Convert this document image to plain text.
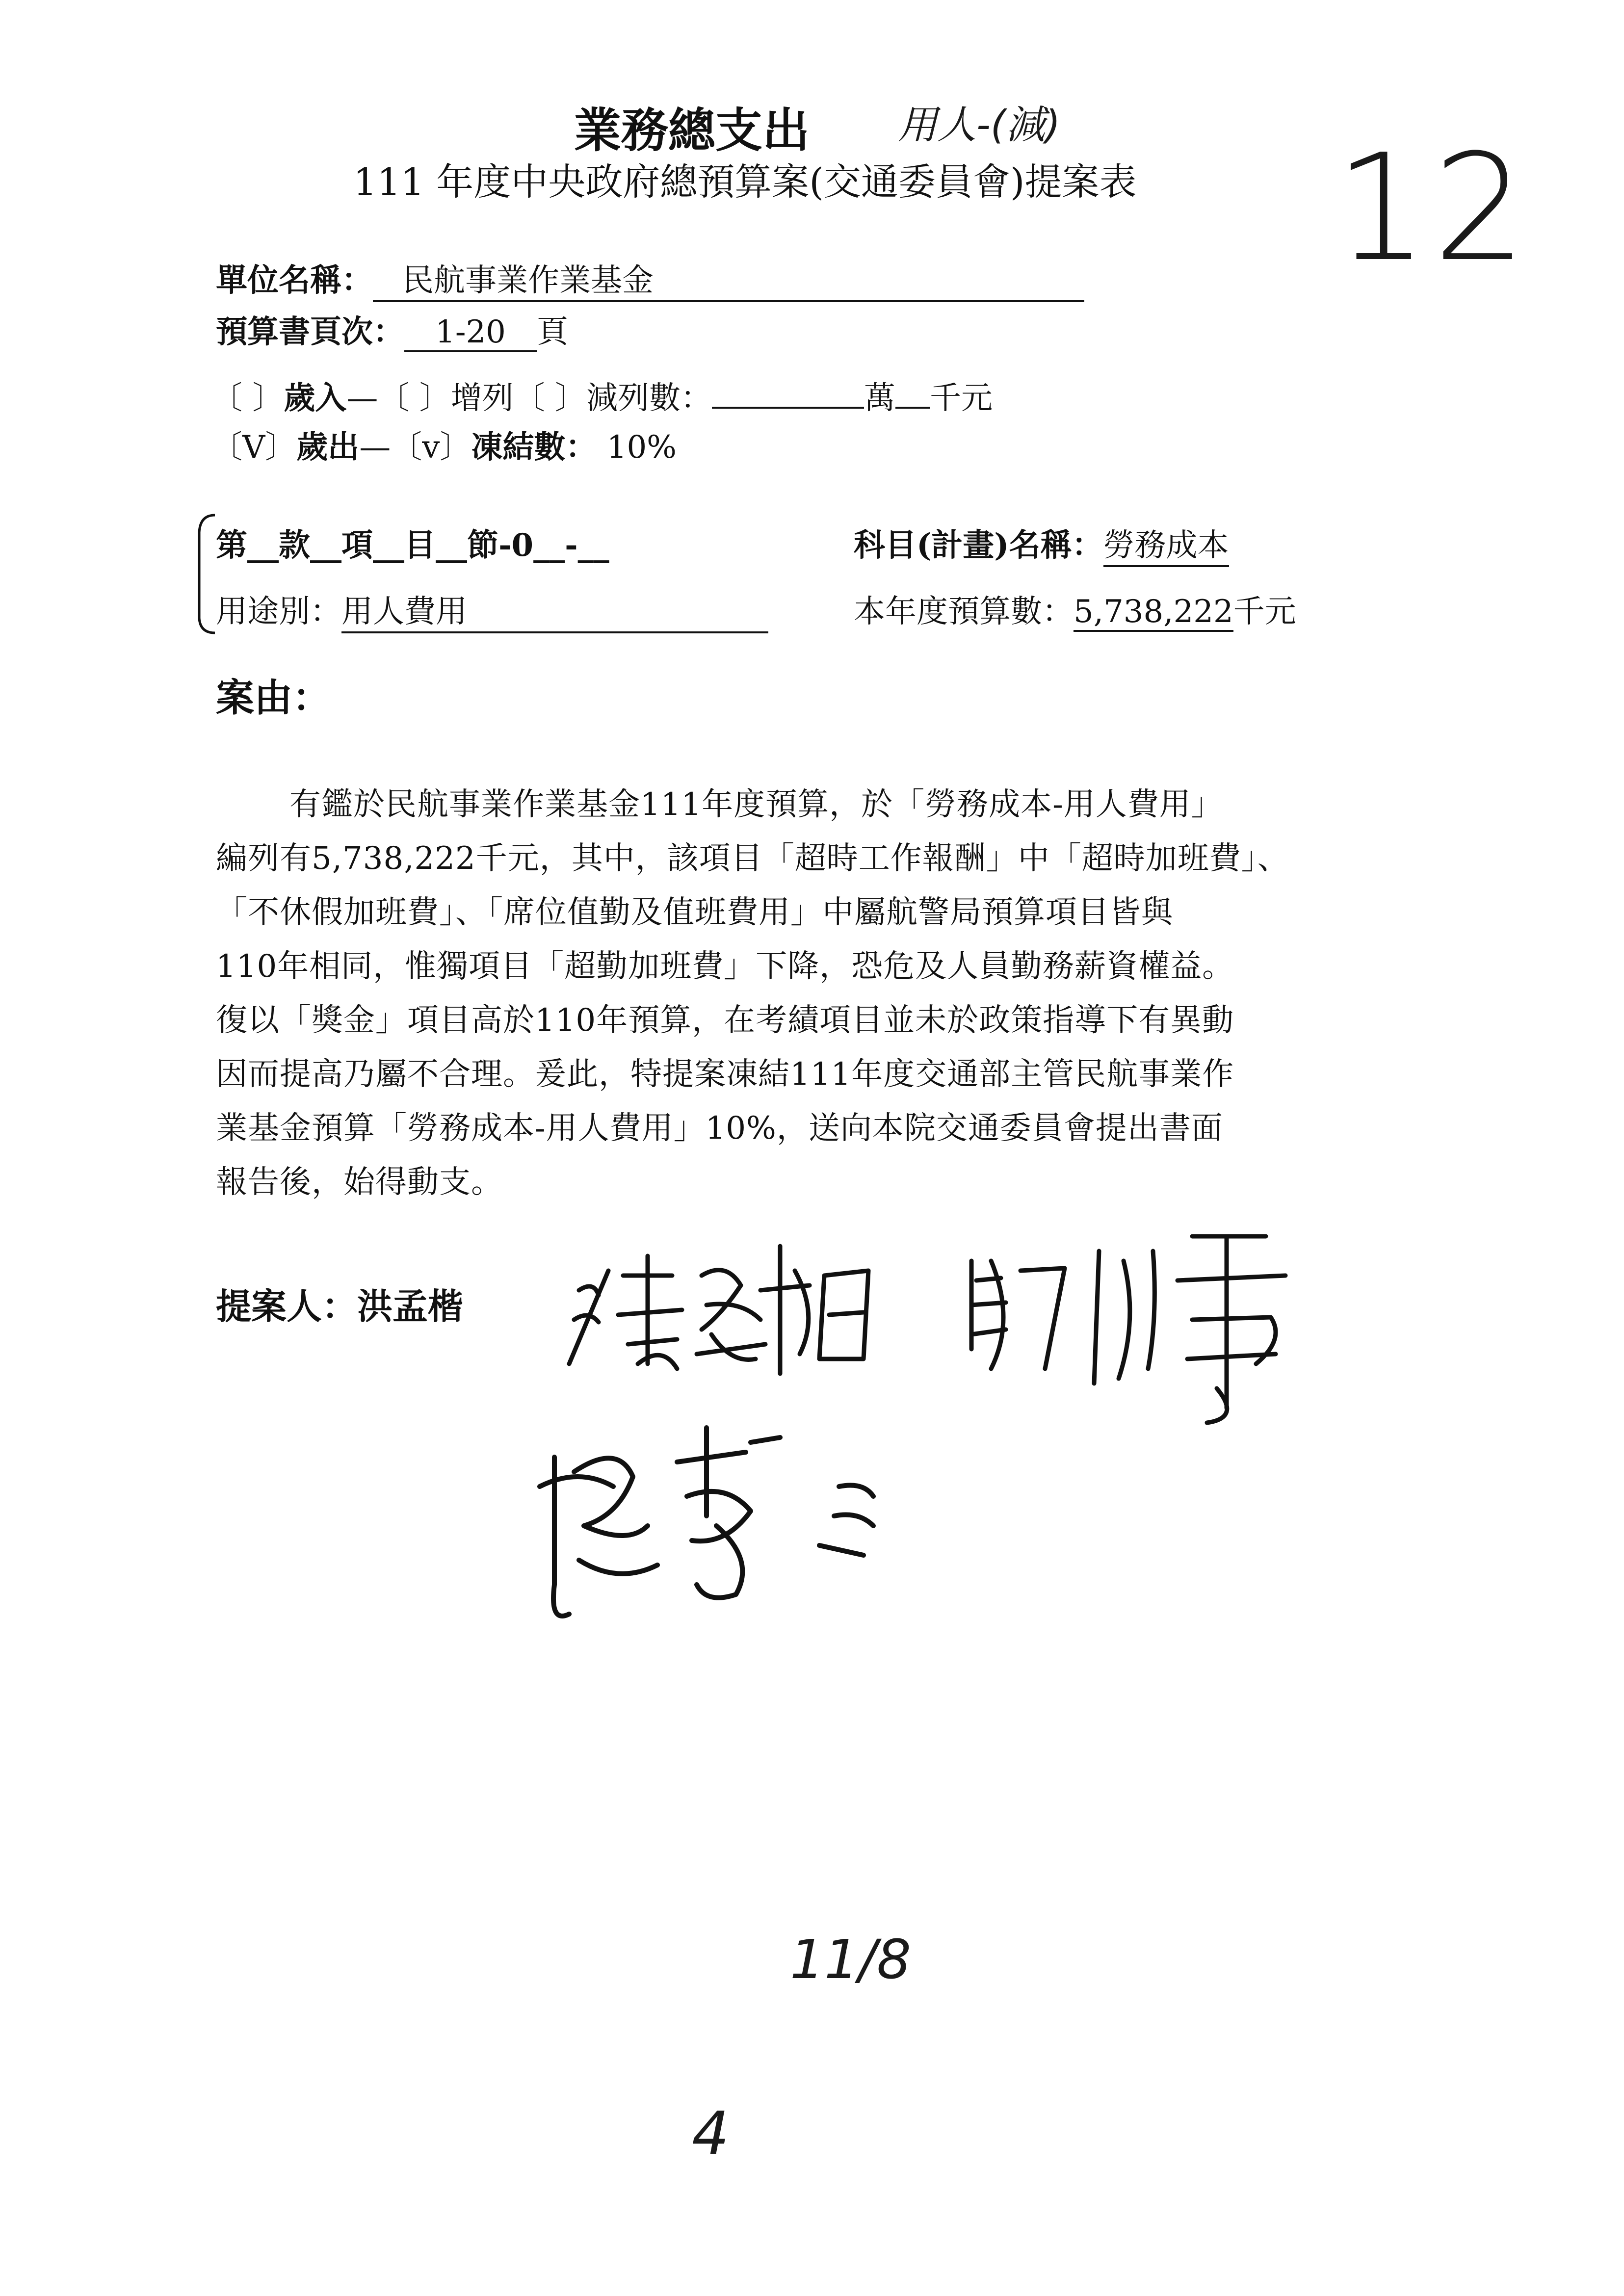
用人-(減) 12
業務總支出
111 年度中央政府總預算案(交通委員會)提案表
單位名稱： 民航事業作業基金
預算書頁次： 1-20 頁
〔 〕歲入—〔 〕增列〔 〕減列數：	萬 千元
〔V〕歲出—〔v〕凍結數： 10%
第__款__項__目__節-0__-__	科目(計畫)名稱：勞務成本
用途別：用人費用	本年度預算數：5,738,222千元
案由：

有鑑於民航事業作業基金111年度預算，於「勞務成本-用人費用」

編列有5,738,222千元，其中，該項目「超時工作報酬」中「超時加班費」、

「不休假加班費」、「席位值勤及值班費用」中屬航警局預算項目皆與

110年相同，惟獨項目「超勤加班費」下降，恐危及人員勤務薪資權益。

復以「獎金」項目高於110年預算，在考績項目並未於政策指導下有異動

因而提高乃屬不合理。爰此，特提案凍結111年度交通部主管民航事業作

業基金預算「勞務成本-用人費用」10%，送向本院交通委員會提出書面

報告後，始得動支。

提案人：洪孟楷
11/8
4
